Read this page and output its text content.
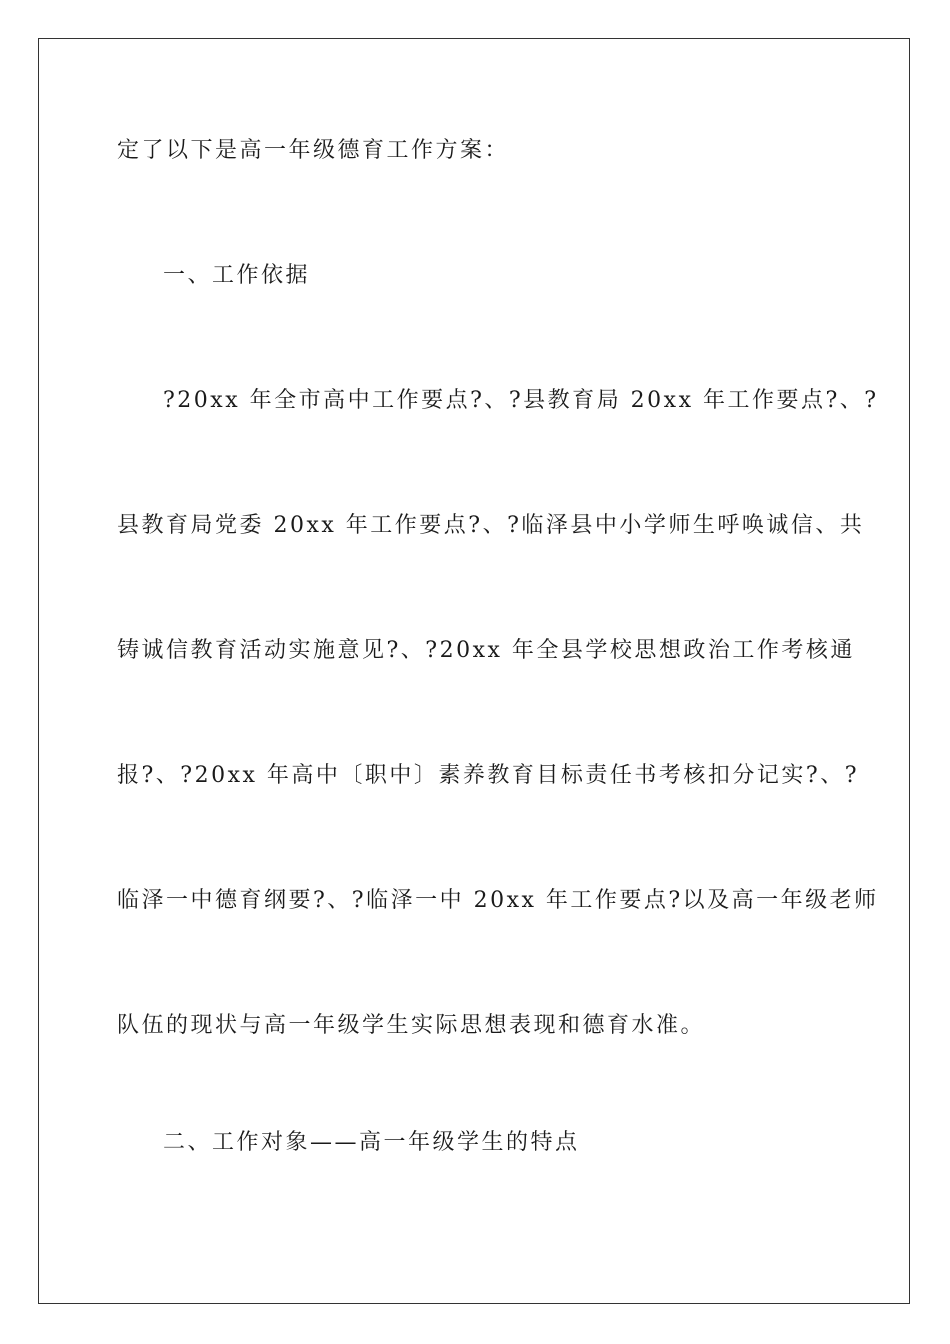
定了以下是高一年级德育工作方案：
一、工作依据
?20xx 年全市高中工作要点?、?县教育局 20xx 年工作要点?、?
县教育局党委 20xx 年工作要点?、?临泽县中小学师生呼唤诚信、共
铸诚信教育活动实施意见?、?20xx 年全县学校思想政治工作考核通
报?、?20xx 年高中〔职中〕素养教育目标责任书考核扣分记实?、?
临泽一中德育纲要?、?临泽一中 20xx 年工作要点?以及高一年级老师
队伍的现状与高一年级学生实际思想表现和德育水准。
二、工作对象——高一年级学生的特点
